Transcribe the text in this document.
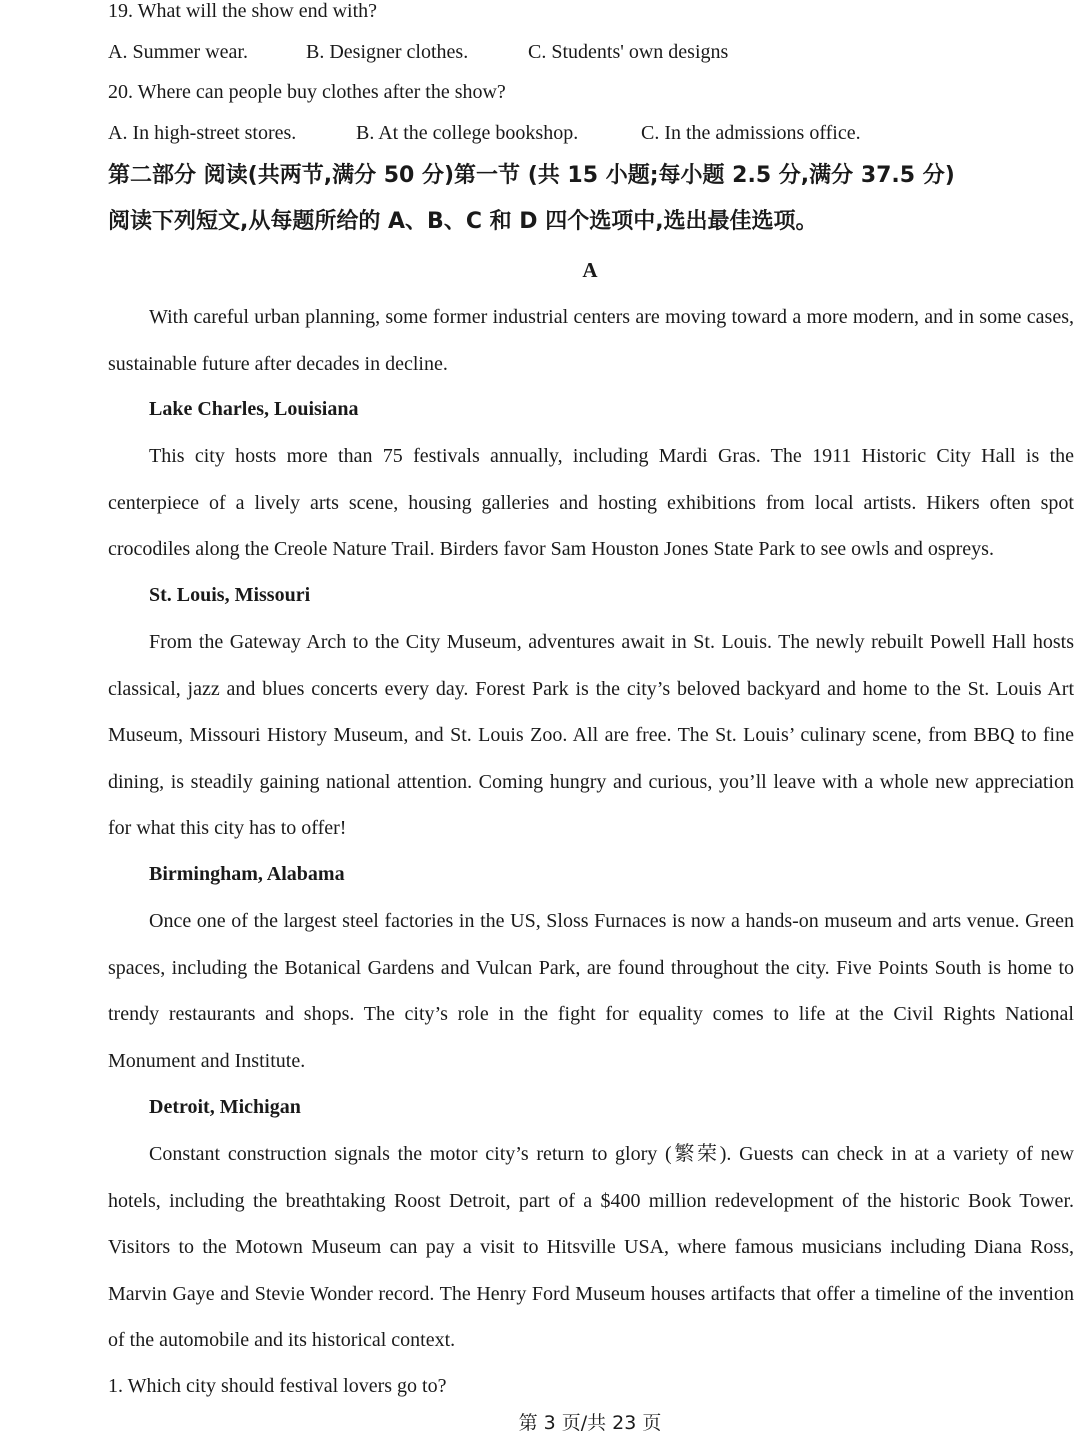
19. What will the show end with?
A. Summer wear.	B. Designer clothes.	C. Students' own designs
20. Where can people buy clothes after the show?
A. In high-street stores.	B. At the college bookshop.	C. In the admissions office.
第二部分 阅读(共两节,满分 50 分)第一节 (共 15 小题;每小题 2.5 分,满分 37.5 分)
阅读下列短文,从每题所给的 A、B、C 和 D 四个选项中,选出最佳选项。
A
With careful urban planning, some former industrial centers are moving toward a more modern, and in some cases, sustainable future after decades in decline.
Lake Charles, Louisiana
This city hosts more than 75 festivals annually, including Mardi Gras. The 1911 Historic City Hall is the centerpiece of a lively arts scene, housing galleries and hosting exhibitions from local artists. Hikers often spot crocodiles along the Creole Nature Trail. Birders favor Sam Houston Jones State Park to see owls and ospreys.
St. Louis, Missouri
From the Gateway Arch to the City Museum, adventures await in St. Louis. The newly rebuilt Powell Hall hosts classical, jazz and blues concerts every day. Forest Park is the city’s beloved backyard and home to the St. Louis Art Museum, Missouri History Museum, and St. Louis Zoo. All are free. The St. Louis’ culinary scene, from BBQ to fine dining, is steadily gaining national attention. Coming hungry and curious, you’ll leave with a whole new appreciation for what this city has to offer!
Birmingham, Alabama
Once one of the largest steel factories in the US, Sloss Furnaces is now a hands-on museum and arts venue. Green spaces, including the Botanical Gardens and Vulcan Park, are found throughout the city. Five Points South is home to trendy restaurants and shops. The city’s role in the fight for equality comes to life at the Civil Rights National Monument and Institute.
Detroit, Michigan
Constant construction signals the motor city’s return to glory (繁荣). Guests can check in at a variety of new hotels, including the breathtaking Roost Detroit, part of a $400 million redevelopment of the historic Book Tower. Visitors to the Motown Museum can pay a visit to Hitsville USA, where famous musicians including Diana Ross, Marvin Gaye and Stevie Wonder record. The Henry Ford Museum houses artifacts that offer a timeline of the invention of the automobile and its historical context.
1. Which city should festival lovers go to?
第 3 页/共 23 页
